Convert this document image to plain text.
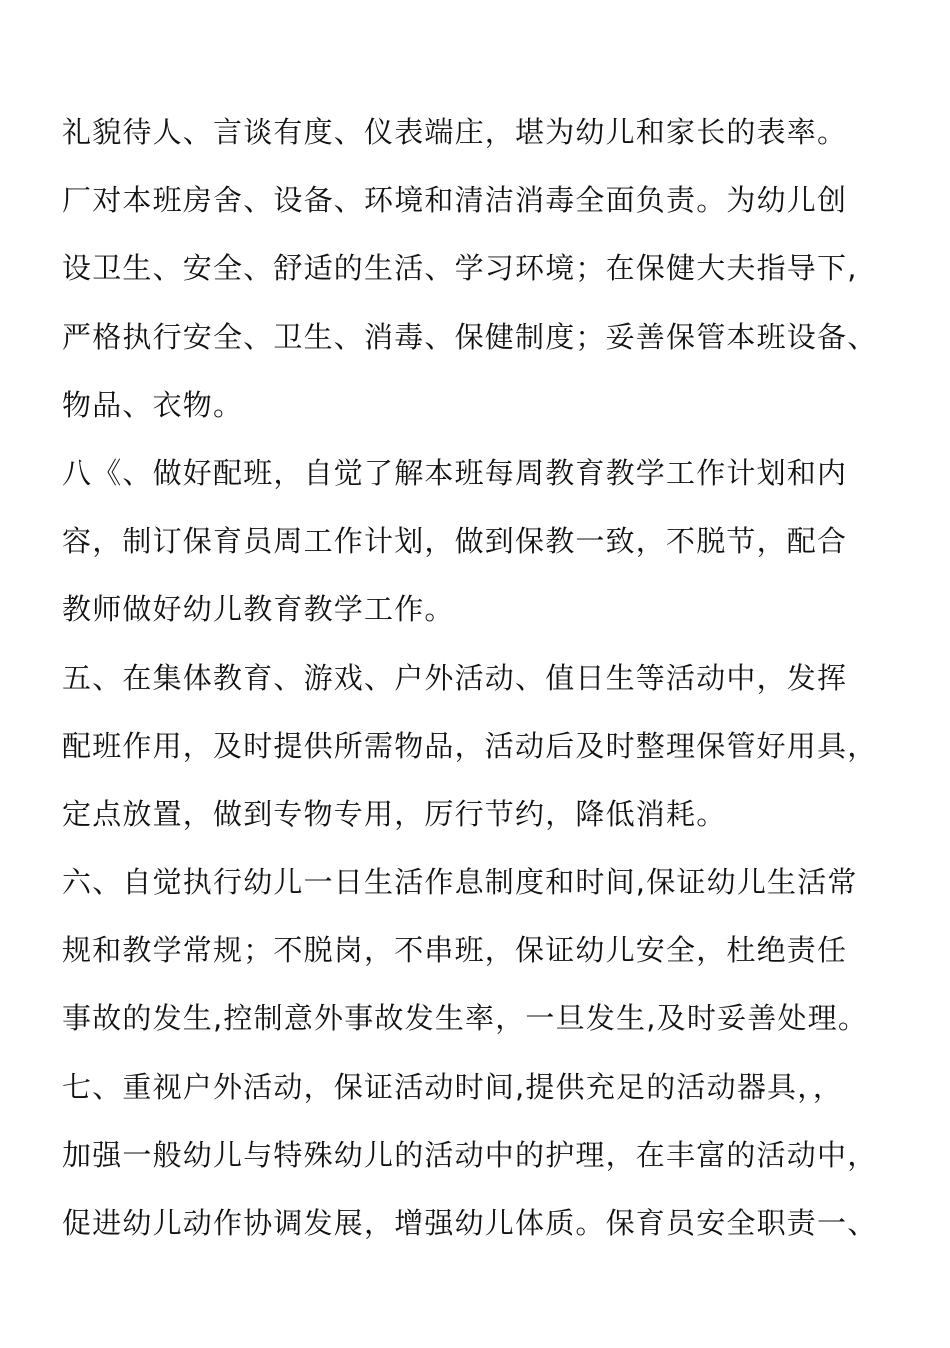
礼貌待人、言谈有度、仪表端庄，堪为幼儿和家长的表率。
厂对本班房舍、设备、环境和清洁消毒全面负责。为幼儿创
设卫生、安全、舒适的生活、学习环境；在保健大夫指导下,
严格执行安全、卫生、消毒、保健制度；妥善保管本班设备、
物品、衣物。
八《、做好配班，自觉了解本班每周教育教学工作计划和内
容，制订保育员周工作计划，做到保教一致，不脱节，配合
教师做好幼儿教育教学工作。
五、在集体教育、游戏、户外活动、值日生等活动中，发挥
配班作用，及时提供所需物品，活动后及时整理保管好用具，
定点放置，做到专物专用，厉行节约，降低消耗。
六、自觉执行幼儿一日生活作息制度和时间,保证幼儿生活常
规和教学常规；不脱岗，不串班，保证幼儿安全，杜绝责任
事故的发生,控制意外事故发生率，一旦发生,及时妥善处理。
七、重视户外活动，保证活动时间,提供充足的活动器具，，
加强一般幼儿与特殊幼儿的活动中的护理，在丰富的活动中，
促进幼儿动作协调发展，增强幼儿体质。保育员安全职责一、
